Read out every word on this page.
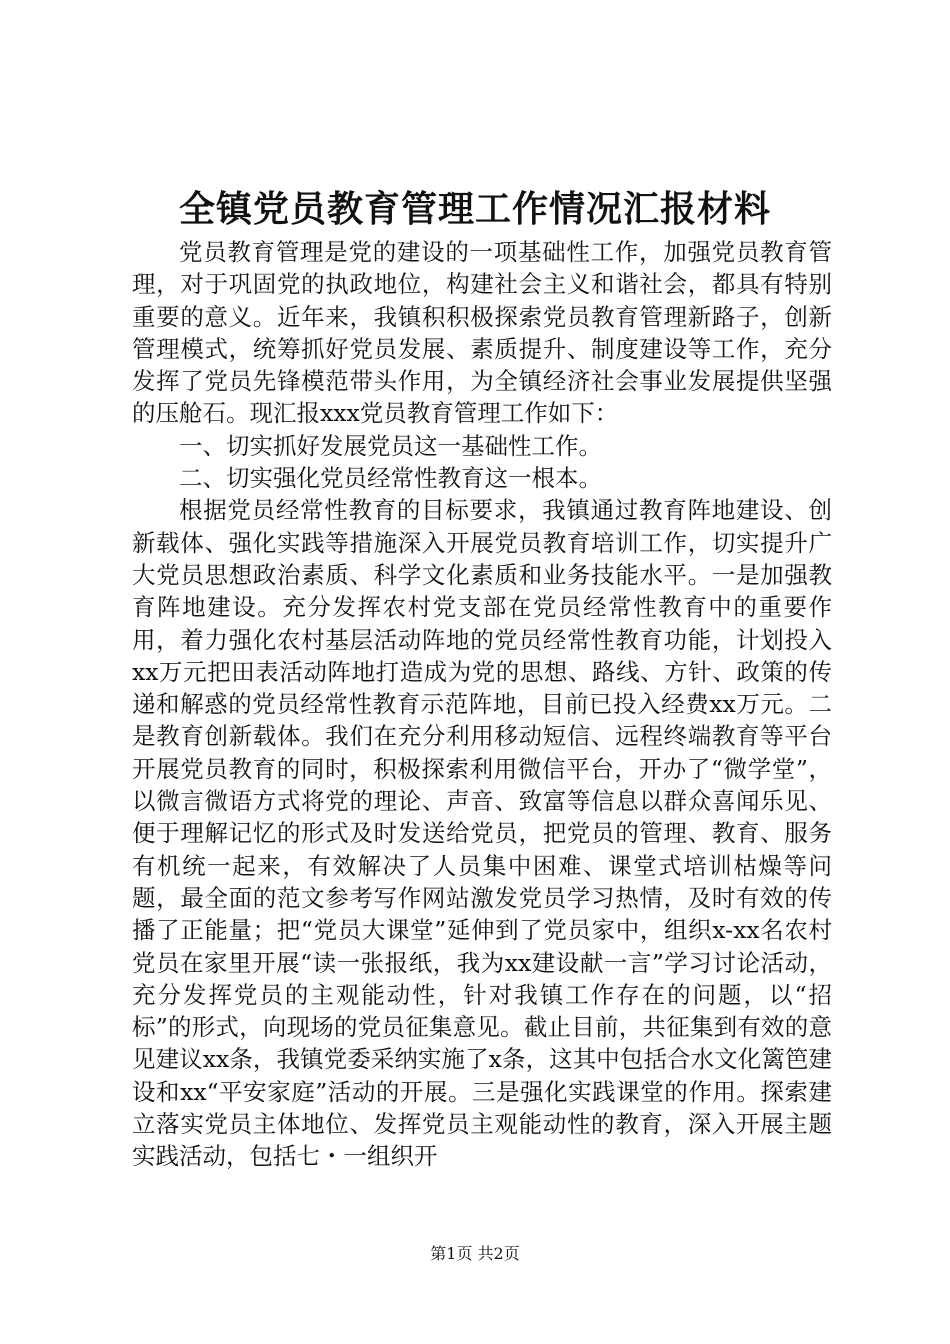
全镇党员教育管理工作情况汇报材料

党员教育管理是党的建设的一项基础性工作，加强党员教育管理，对于巩固党的执政地位，构建社会主义和谐社会，都具有特别重要的意义。近年来，我镇积积极探索党员教育管理新路子，创新管理模式，统筹抓好党员发展、素质提升、制度建设等工作，充分发挥了党员先锋模范带头作用，为全镇经济社会事业发展提供坚强的压舱石。现汇报xxx党员教育管理工作如下：

一、切实抓好发展党员这一基础性工作。

二、切实强化党员经常性教育这一根本。

根据党员经常性教育的目标要求，我镇通过教育阵地建设、创新载体、强化实践等措施深入开展党员教育培训工作，切实提升广大党员思想政治素质、科学文化素质和业务技能水平。一是加强教育阵地建设。充分发挥农村党支部在党员经常性教育中的重要作用，着力强化农村基层活动阵地的党员经常性教育功能，计划投入xx万元把田表活动阵地打造成为党的思想、路线、方针、政策的传递和解惑的党员经常性教育示范阵地，目前已投入经费xx万元。二是教育创新载体。我们在充分利用移动短信、远程终端教育等平台开展党员教育的同时，积极探索利用微信平台，开办了“微学堂”，以微言微语方式将党的理论、声音、致富等信息以群众喜闻乐见、便于理解记忆的形式及时发送给党员，把党员的管理、教育、服务有机统一起来，有效解决了人员集中困难、课堂式培训枯燥等问题，最全面的范文参考写作网站激发党员学习热情，及时有效的传播了正能量；把“党员大课堂”延伸到了党员家中，组织x-xx名农村党员在家里开展“读一张报纸，我为xx建设献一言”学习讨论活动，充分发挥党员的主观能动性，针对我镇工作存在的问题，以“招标”的形式，向现场的党员征集意见。截止目前，共征集到有效的意见建议xx条，我镇党委采纳实施了x条，这其中包括合水文化篱笆建设和xx“平安家庭”活动的开展。三是强化实践课堂的作用。探索建立落实党员主体地位、发挥党员主观能动性的教育，深入开展主题实践活动，包括七・一组织开

第1页 共2页
